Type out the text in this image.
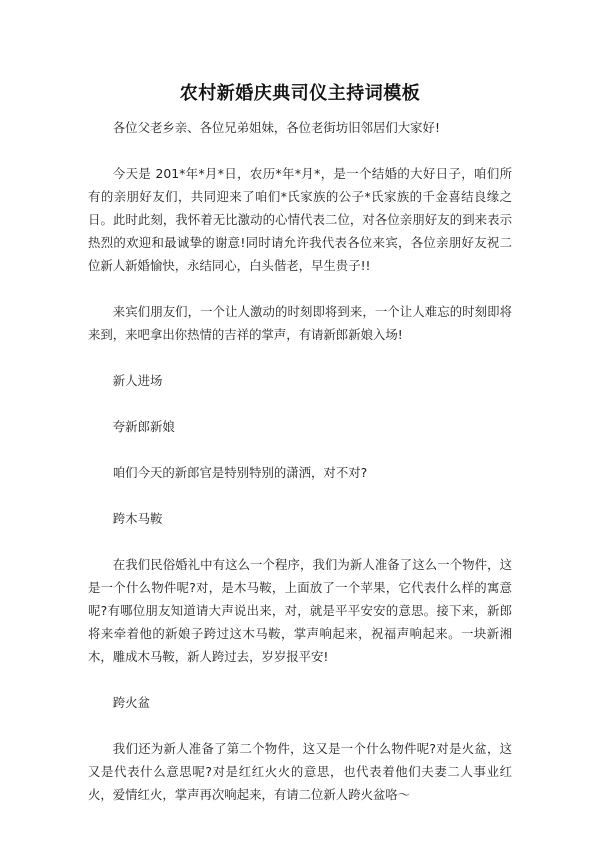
农村新婚庆典司仪主持词模板

各位父老乡亲、各位兄弟姐妹，各位老街坊旧邻居们大家好!

今天是 201*年*月*日，农历*年*月*，是一个结婚的大好日子，咱们所有的亲朋好友们，共同迎来了咱们*氏家族的公子*氏家族的千金喜结良缘之日。此时此刻，我怀着无比激动的心情代表二位，对各位亲朋好友的到来表示热烈的欢迎和最诚挚的谢意!同时请允许我代表各位来宾，各位亲朋好友祝二位新人新婚愉快，永结同心，白头偕老，早生贵子!!

来宾们朋友们，一个让人激动的时刻即将到来，一个让人难忘的时刻即将来到，来吧拿出你热情的吉祥的掌声，有请新郎新娘入场!

新人进场

夸新郎新娘

咱们今天的新郎官是特别特别的潇洒，对不对?

跨木马鞍

在我们民俗婚礼中有这么一个程序，我们为新人准备了这么一个物件，这是一个什么物件呢?对，是木马鞍，上面放了一个苹果，它代表什么样的寓意呢?有哪位朋友知道请大声说出来，对，就是平平安安的意思。接下来，新郎将来牵着他的新娘子跨过这木马鞍，掌声响起来，祝福声响起来。一块新湘木，雕成木马鞍，新人跨过去，岁岁报平安!

跨火盆

我们还为新人准备了第二个物件，这又是一个什么物件呢?对是火盆，这又是代表什么意思呢?对是红红火火的意思，也代表着他们夫妻二人事业红火，爱情红火，掌声再次响起来，有请二位新人跨火盆咯～
